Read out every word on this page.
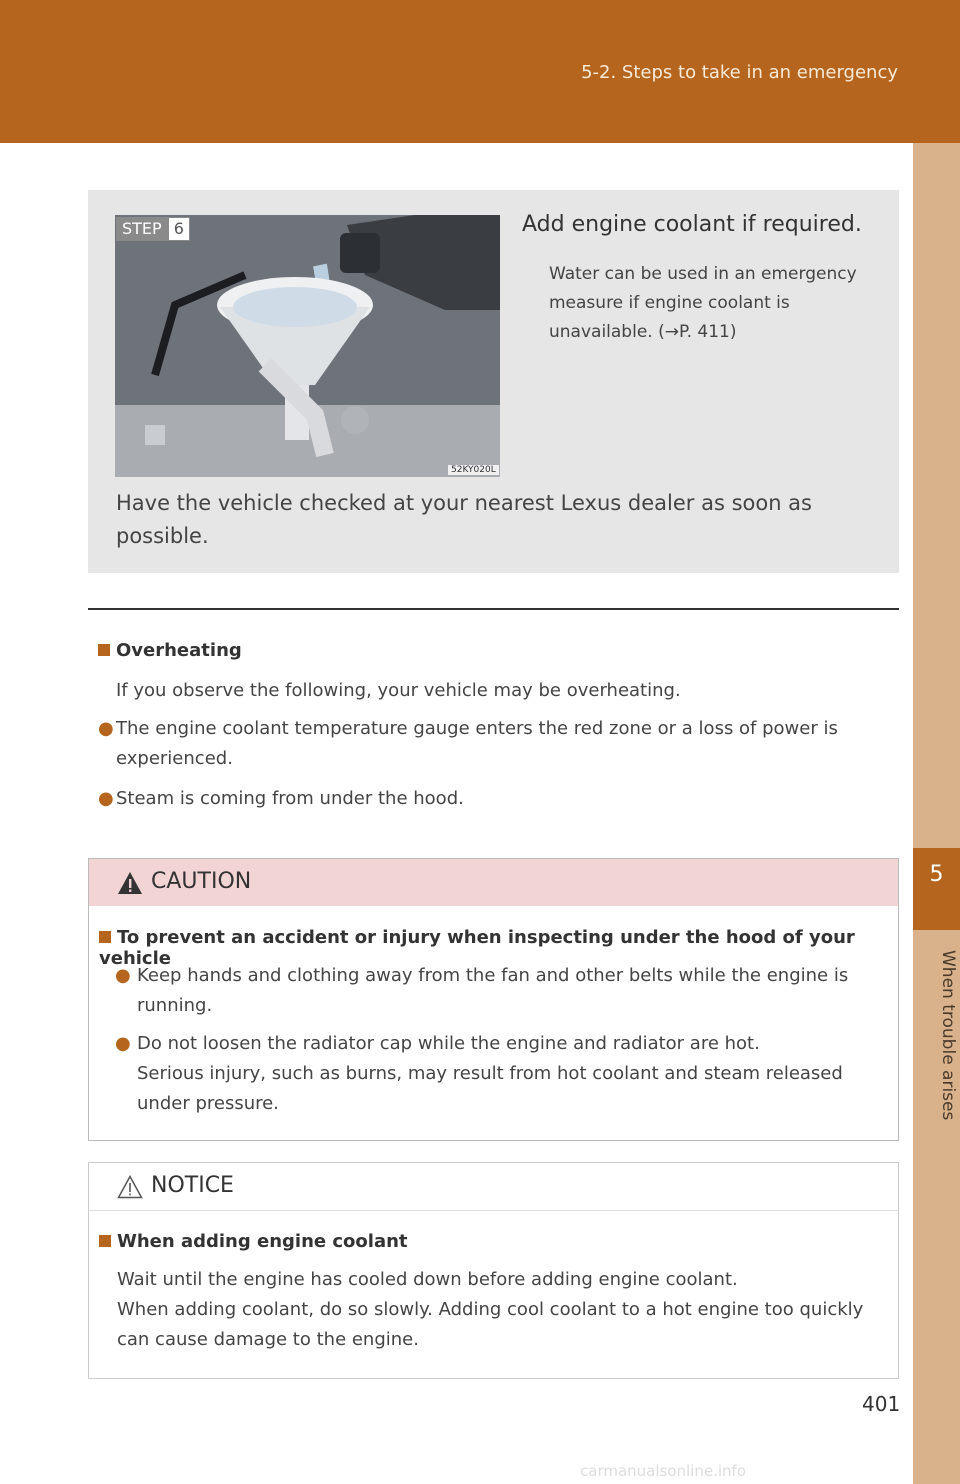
5-2. Steps to take in an emergency
5
When trouble arises
STEP 6
52KY020L
Add engine coolant if required.
Water can be used in an emergency measure if engine coolant is unavailable. (→P. 411)
Have the vehicle checked at your nearest Lexus dealer as soon as possible.
Overheating
If you observe the following, your vehicle may be overheating.
● The engine coolant temperature gauge enters the red zone or a loss of power is experienced.
● Steam is coming from under the hood.
CAUTION
To prevent an accident or injury when inspecting under the hood of your vehicle
● Keep hands and clothing away from the fan and other belts while the engine is running.
● Do not loosen the radiator cap while the engine and radiator are hot.
Serious injury, such as burns, may result from hot coolant and steam released under pressure.
NOTICE
When adding engine coolant
Wait until the engine has cooled down before adding engine coolant.
When adding coolant, do so slowly. Adding cool coolant to a hot engine too quickly can cause damage to the engine.
401
carmanualsonline.info
